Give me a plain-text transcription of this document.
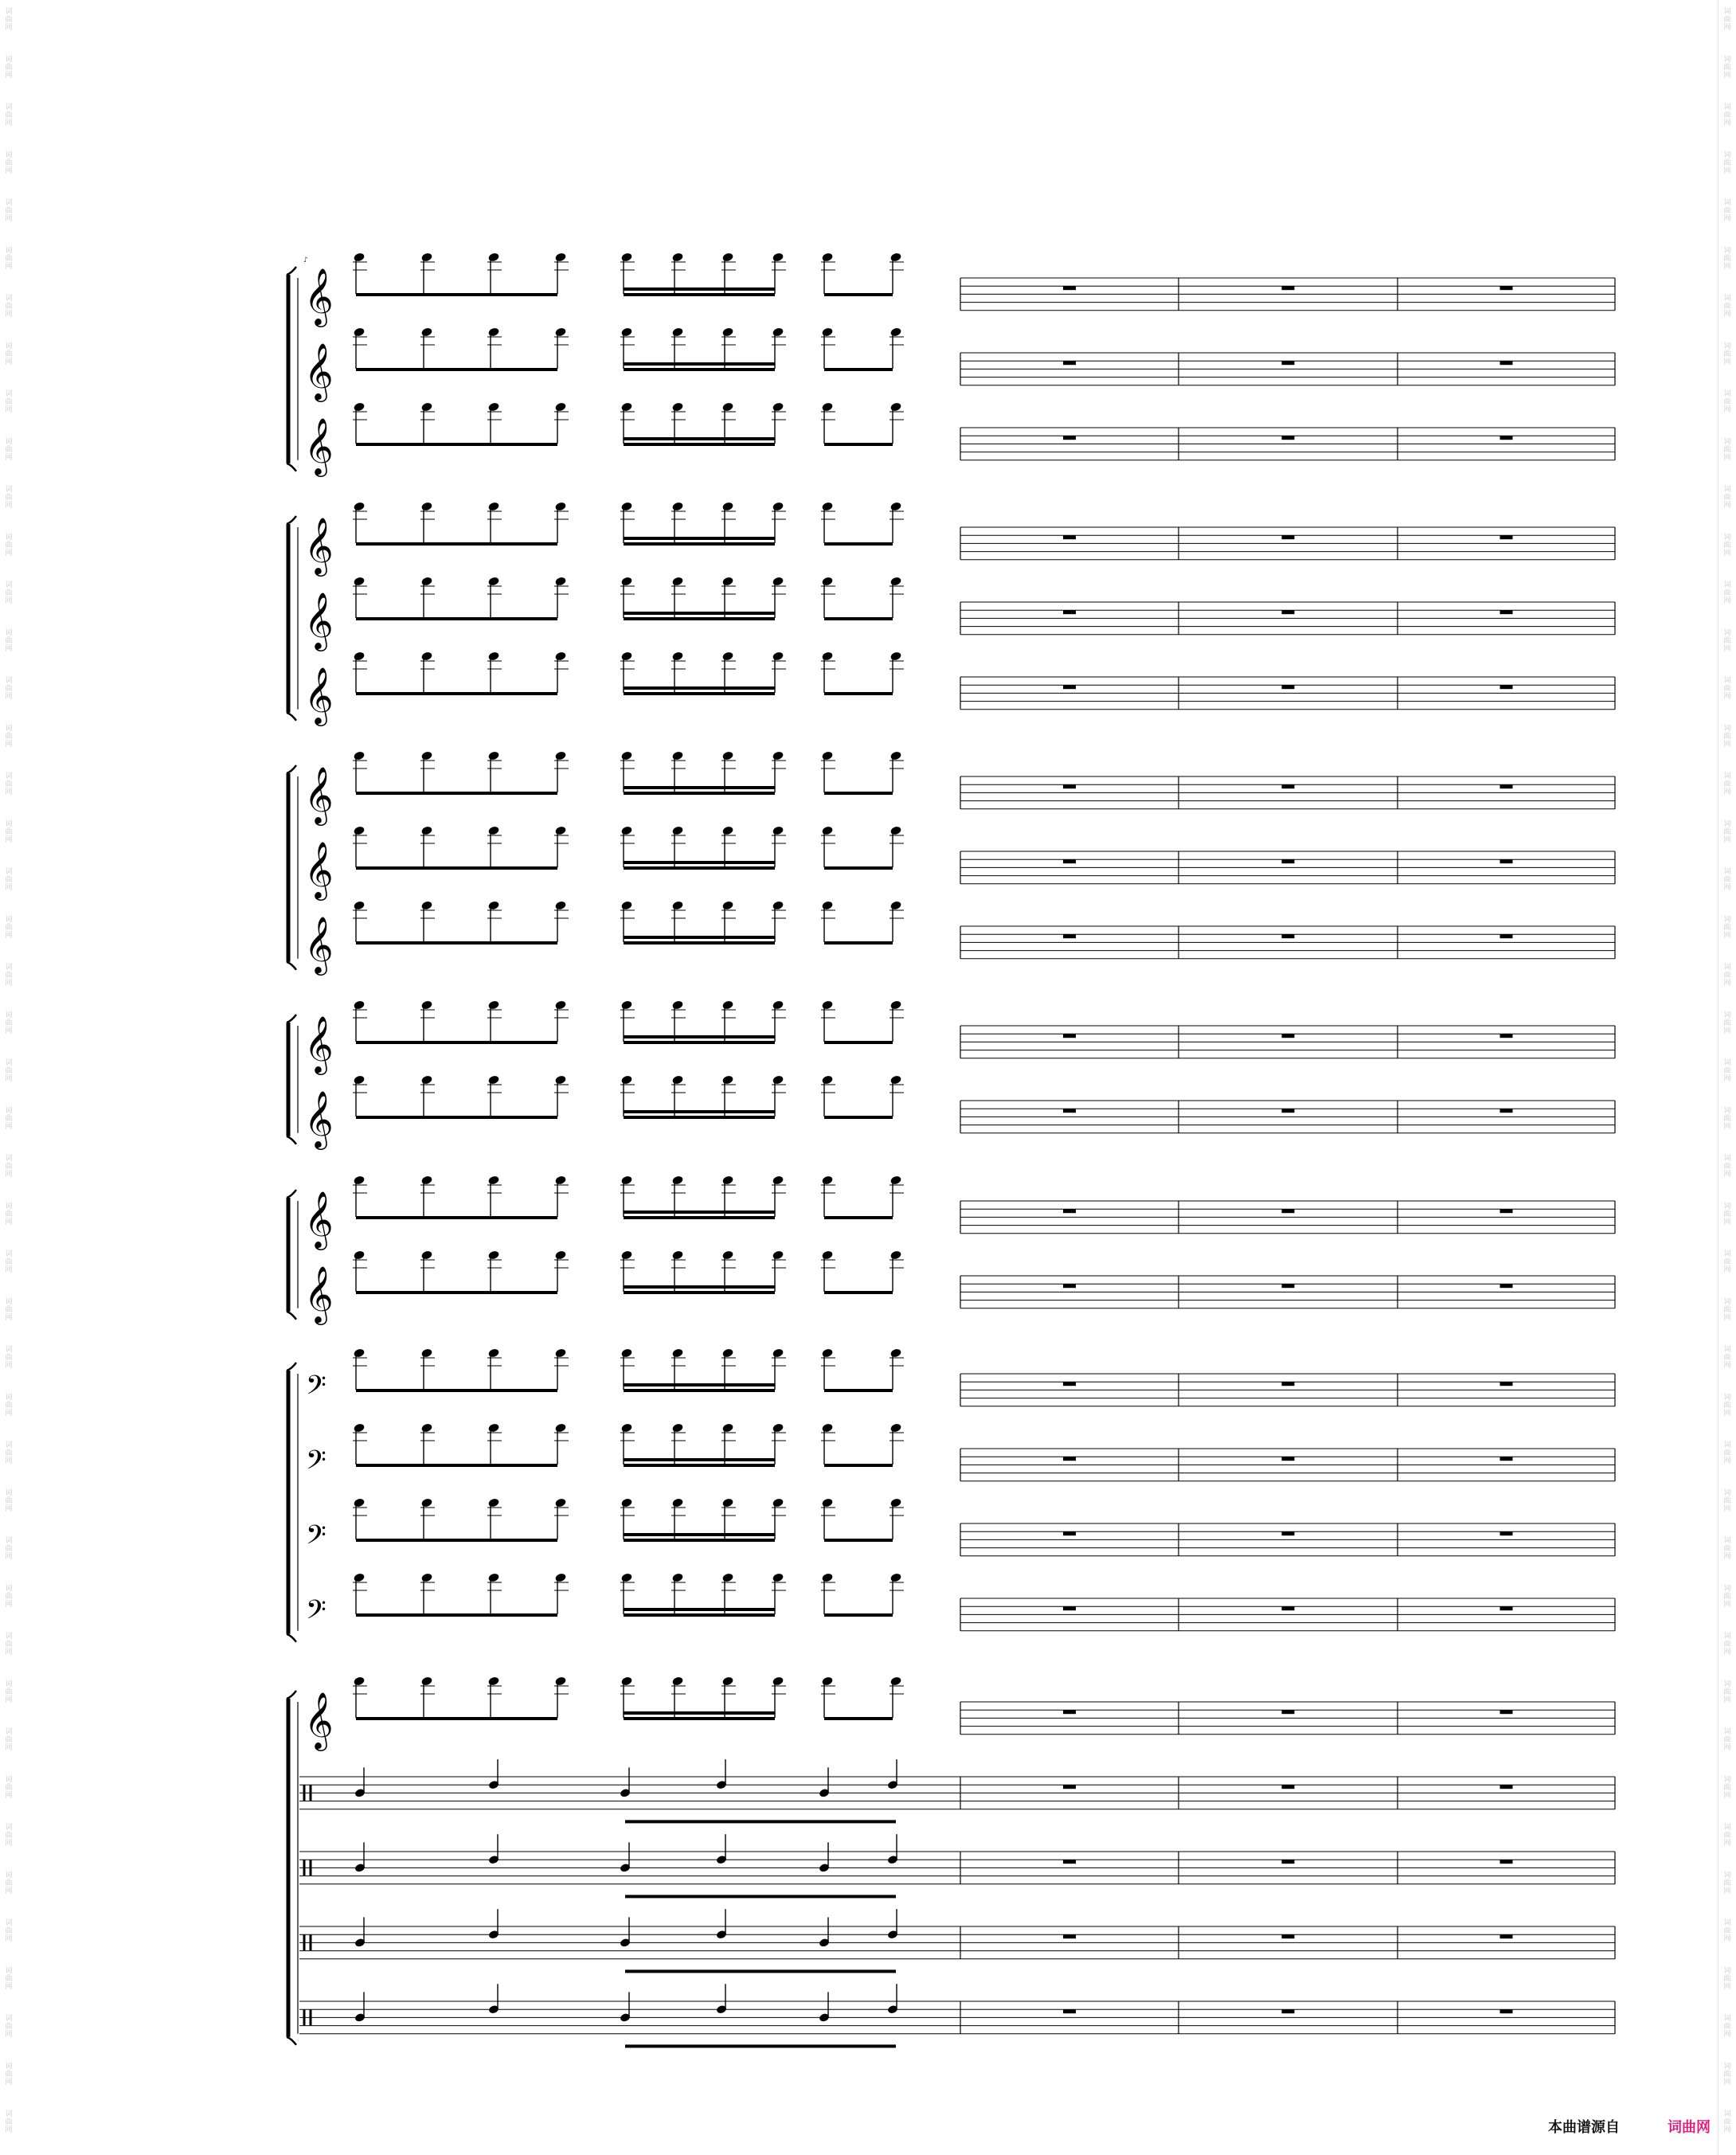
𝄞
𝄞
𝄞
𝄞
𝄞
𝄞
𝄞
𝄞
𝄞
𝄞
𝄞
𝄞
𝄞
𝄢
𝄢
𝄢
𝄢
𝄞
词
曲
网
词
曲
网
词
曲
网
词
曲
网
词
曲
网
词
曲
网
词
曲
网
词
曲
网
词
曲
网
词
曲
网
词
曲
网
词
曲
网
词
曲
网
词
曲
网
词
曲
网
词
曲
网
词
曲
网
词
曲
网
词
曲
网
词
曲
网
词
曲
网
词
曲
网
词
曲
网
词
曲
网
词
曲
网
词
曲
网
词
曲
网
词
曲
网
词
曲
网
词
曲
网
词
曲
网
词
曲
网
词
曲
网
词
曲
网
词
曲
网
词
曲
网
词
曲
网
词
曲
网
词
曲
网
词
曲
网
词
曲
网
词
曲
网
词
曲
网
词
曲
网
词
曲
网
词
曲
网
词
曲
网
词
曲
网
词
曲
网
词
曲
网
词
曲
网
词
曲
网
词
曲
网
词
曲
网
词
曲
网
词
曲
网
词
曲
网
词
曲
网
词
曲
网
词
曲
网
词
曲
网
词
曲
网
词
曲
网
词
曲
网
词
曲
网
词
曲
网
词
曲
网
词
曲
网
词
曲
网
词
曲
网
词
曲
网
词
曲
网
词
曲
网
词
曲
网
词
曲
网
词
曲
网
词
曲
网
词
曲
网
词
曲
网
词
曲
网
词
曲
网
词
曲
网
词
曲
网
词
曲
网
词
曲
网
词
曲
网
词
曲
网
词
曲
网
词
曲
网
词
曲
网
♪
本曲谱源自	词曲网
